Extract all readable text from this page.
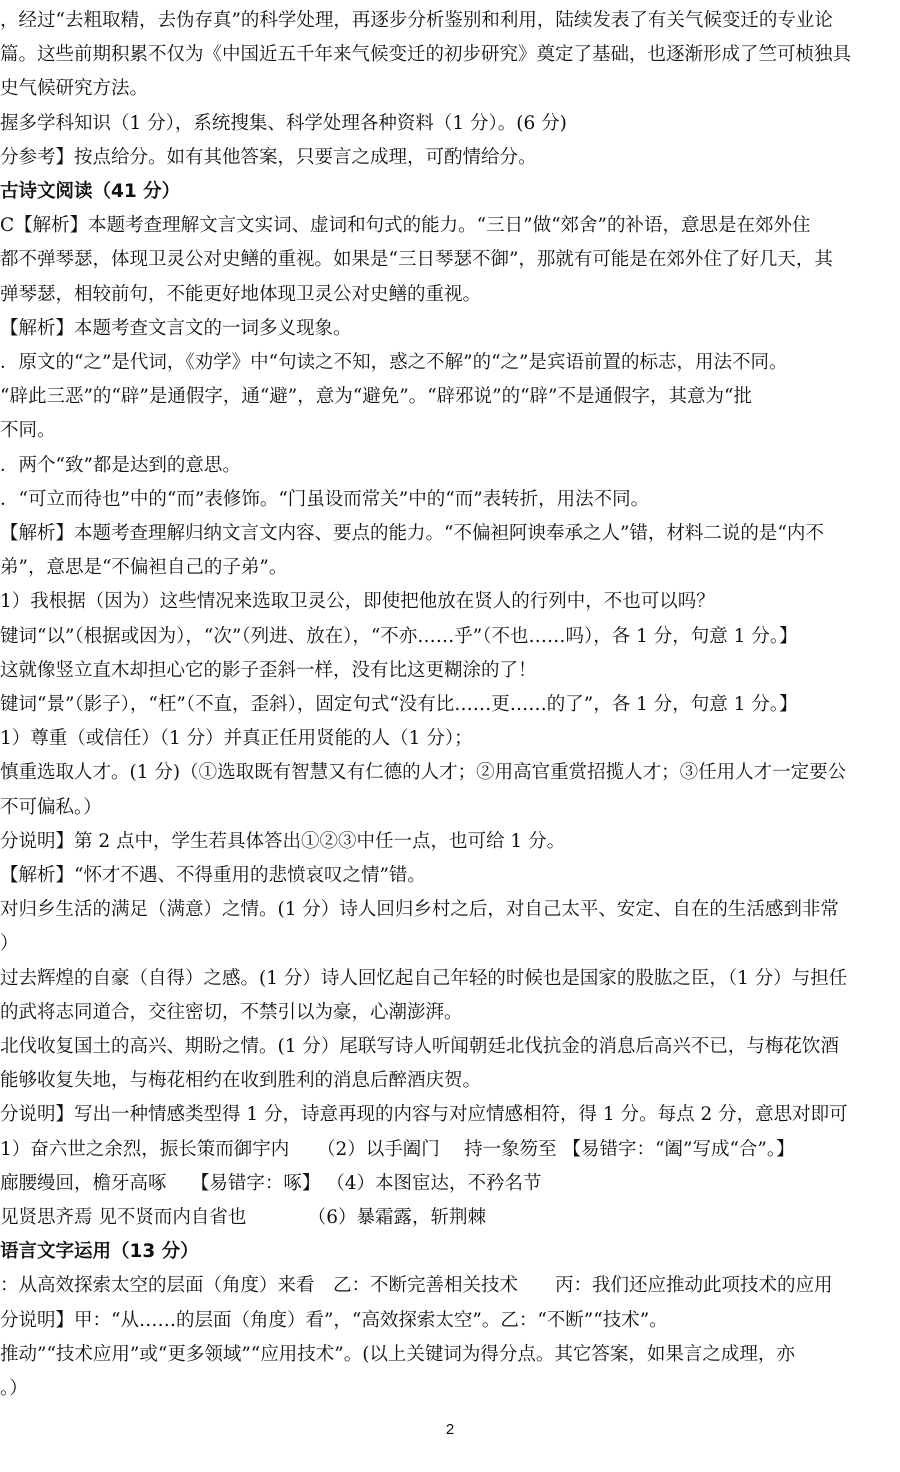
，经过“去粗取精，去伪存真”的科学处理，再逐步分析鉴别和利用，陆续发表了有关气候变迁的专业论
篇。这些前期积累不仅为《中国近五千年来气候变迁的初步研究》奠定了基础，也逐渐形成了竺可桢独具
史气候研究方法。
握多学科知识（1 分），系统搜集、科学处理各种资料（1 分）。(6 分)
分参考】按点给分。如有其他答案，只要言之成理，可酌情给分。
古诗文阅读（41 分）
C【解析】本题考查理解文言文实词、虚词和句式的能力。“三日”做“郊舍”的补语，意思是在郊外住
都不弹琴瑟，体现卫灵公对史鳝的重视。如果是“三日琴瑟不御”，那就有可能是在郊外住了好几天，其
弹琴瑟，相较前句，不能更好地体现卫灵公对史鳝的重视。
【解析】本题考查文言文的一词多义现象。
．原文的“之”是代词，《劝学》中“句读之不知，惑之不解”的“之”是宾语前置的标志，用法不同。
“辟此三恶”的“辟”是通假字，通“避”，意为“避免”。“辟邪说”的“辟”不是通假字，其意为“批
不同。
．两个“致”都是达到的意思。
．“可立而待也”中的“而”表修饰。“门虽设而常关”中的“而”表转折，用法不同。
【解析】本题考查理解归纳文言文内容、要点的能力。“不偏袒阿谀奉承之人”错，材料二说的是“内不
弟”，意思是“不偏袒自己的子弟”。
1）我根据（因为）这些情况来选取卫灵公，即使把他放在贤人的行列中，不也可以吗？
键词“以”（根据或因为），“次”（列进、放在），“不亦……乎”（不也……吗），各 1 分，句意 1 分。】
这就像竖立直木却担心它的影子歪斜一样，没有比这更糊涂的了！
键词“景”（影子），“枉”（不直，歪斜），固定句式“没有比……更……的了”，各 1 分，句意 1 分。】
1）尊重（或信任）（1 分）并真正任用贤能的人（1 分）；
慎重选取人才。(1 分)（①选取既有智慧又有仁德的人才；②用高官重赏招揽人才；③任用人才一定要公
不可偏私。）
分说明】第 2 点中，学生若具体答出①②③中任一点，也可给 1 分。
【解析】“怀才不遇、不得重用的悲愤哀叹之情”错。
对归乡生活的满足（满意）之情。(1 分）诗人回归乡村之后，对自己太平、安定、自在的生活感到非常
）
过去辉煌的自豪（自得）之感。(1 分）诗人回忆起自己年轻的时候也是国家的股肱之臣，（1 分）与担任
的武将志同道合，交往密切，不禁引以为豪，心潮澎湃。
北伐收复国土的高兴、期盼之情。(1 分）尾联写诗人听闻朝廷北伐抗金的消息后高兴不已，与梅花饮酒
能够收复失地，与梅花相约在收到胜利的消息后醉酒庆贺。
分说明】写出一种情感类型得 1 分，诗意再现的内容与对应情感相符，得 1 分。每点 2 分，意思对即可
1）奋六世之余烈，振长策而御宇内　　（2）以手阖门　 持一象笏至 【易错字：“阖”写成“合”。】
廊腰缦回，檐牙高啄　 【易错字：啄】 （4）本图宦达，不矜名节
见贤思齐焉 见不贤而内自省也　　　 （6）暴霜露，斩荆棘
语言文字运用（13 分）
：从高效探索太空的层面（角度）来看　乙：不断完善相关技术　　丙：我们还应推动此项技术的应用
分说明】甲：“从……的层面（角度）看”，“高效探索太空”。乙：“不断”“技术”。
推动”“技术应用”或“更多领域”“应用技术”。(以上关键词为得分点。其它答案，如果言之成理，亦
。）
2
